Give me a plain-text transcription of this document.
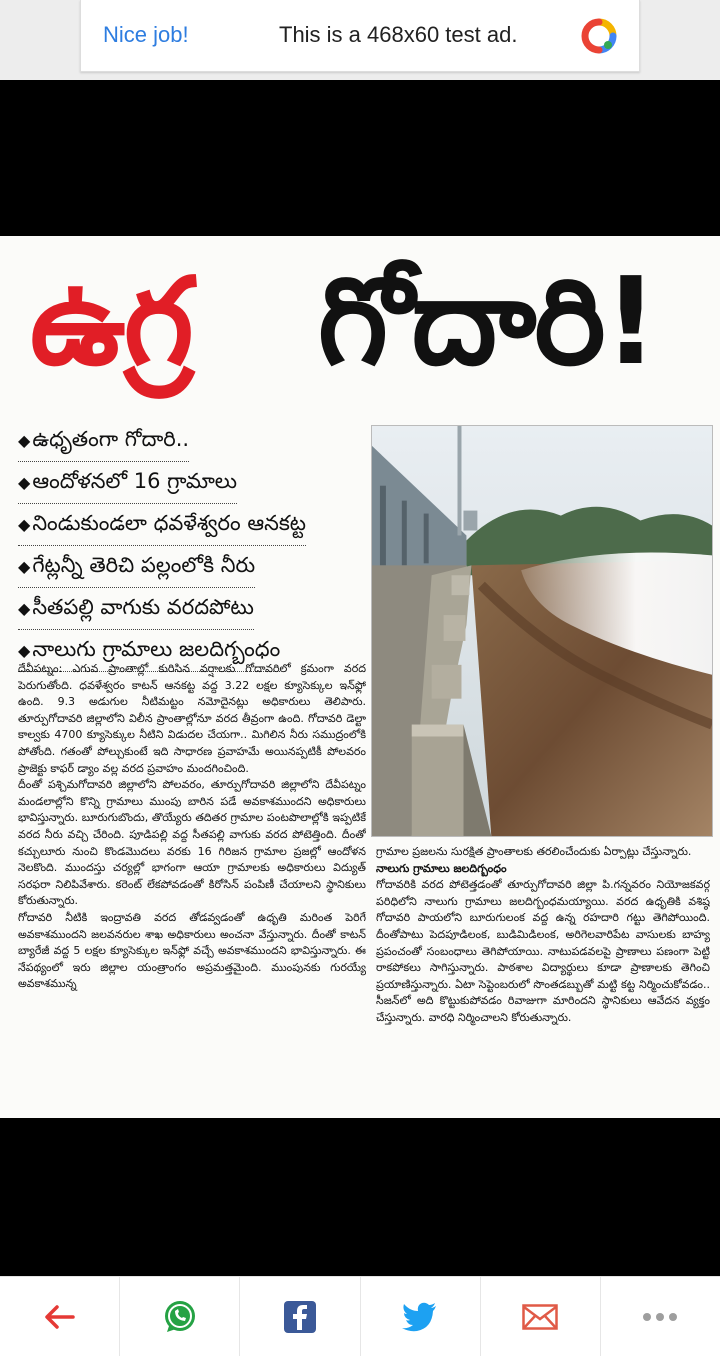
Nice job!	This is a 468x60 test ad.
ఉగ్ర గోదారి!
◆ఉధృతంగా గోదారి..
◆ఆందోళనలో 16 గ్రామాలు
◆నిండుకుండలా ధవళేశ్వరం ఆనకట్ట
◆గేట్లన్నీ తెరిచి పల్లంలోకి నీరు
◆సీతపల్లి వాగుకు వరదపోటు
◆నాలుగు గ్రామాలు జలదిగ్బంధం

దేవీపట్నం: ఎగువ ప్రాంతాల్లో కురిసిన వర్షాలకు గోదావరిలో క్రమంగా వరద పెరుగుతోంది. ధవళేశ్వరం కాటన్ ఆనకట్ట వద్ద 3.22 లక్షల క్యూసెక్కుల ఇన్‌ఫ్లో ఉంది. 9.3 అడుగుల నీటిమట్టం నమోదైనట్లు అధికారులు తెలిపారు. తూర్పుగోదావరి జిల్లాలోని విలీన ప్రాంతాల్లోనూ వరద తీవ్రంగా ఉంది. గోదావరి డెల్టా కాల్వకు 4700 క్యూసెక్కుల నీటిని విడుదల చేయగా.. మిగిలిన నీరు సముద్రంలోకి పోతోంది. గతంతో పోల్చుకుంటే ఇది సాధారణ ప్రవాహమే అయినప్పటికీ పోలవరం ప్రాజెక్టు కాఫర్ డ్యాం వల్ల వరద ప్రవాహం మందగించింది.

దీంతో పశ్చిమగోదావరి జిల్లాలోని పోలవరం, తూర్పుగోదావరి జిల్లాలోని దేవీపట్నం మండలాల్లోని కొన్ని గ్రామాలు ముంపు బారిన పడే అవకాశముందని అధికారులు భావిస్తున్నారు. బూరుగుబొందు, తొయ్యేరు తదితర గ్రామాల పంటపొలాల్లోకి ఇప్పటికే వరద నీరు వచ్చి చేరింది. పూడిపల్లి వద్ద సీతపల్లి వాగుకు వరద పోటెత్తింది. దీంతో కచ్చులూరు నుంచి కొండమొదలు వరకు 16 గిరిజన గ్రామాల ప్రజల్లో ఆందోళన నెలకొంది. ముందస్తు చర్యల్లో భాగంగా ఆయా గ్రామాలకు అధికారులు విద్యుత్ సరఫరా నిలిపివేశారు. కరెంట్ లేకపోవడంతో కిరోసిన్ పంపిణీ చేయాలని స్థానికులు కోరుతున్నారు.

గోదావరి నీటికి ఇంద్రావతి వరద తోడవ్వడంతో ఉధృతి మరింత పెరిగే అవకాశముందని జలవనరుల శాఖ అధికారులు అంచనా వేస్తున్నారు. దీంతో కాటన్ బ్యారేజీ వద్ద 5 లక్షల క్యూసెక్కుల ఇన్‌ఫ్లో వచ్చే అవకాశముందని భావిస్తున్నారు. ఈ నేపథ్యంలో ఇరు జిల్లాల యంత్రాంగం అప్రమత్తమైంది. ముంపునకు గురయ్యే అవకాశమున్న

గ్రామాల ప్రజలను సురక్షిత ప్రాంతాలకు తరలించేందుకు ఏర్పాట్లు చేస్తున్నారు.

నాలుగు గ్రామాలు జలదిగ్బంధం

గోదావరికి వరద పోటెత్తడంతో తూర్పుగోదావరి జిల్లా పి.గన్నవరం నియోజకవర్గ పరిధిలోని నాలుగు గ్రామాలు జలదిగ్బంధమయ్యాయి. వరద ఉధృతికి వశిష్ఠ గోదావరి పాయలోని బూరుగులంక వద్ద ఉన్న రహదారి గట్టు తెగిపోయింది. దీంతోపాటు పెదపూడిలంక, బుడిమిడిలంక, అరిగెలవారిపేట వాసులకు బాహ్య ప్రపంచంతో సంబంధాలు తెగిపోయాయి. నాటుపడవలపై ప్రాణాలు పణంగా పెట్టి రాకపోకలు సాగిస్తున్నారు. పాఠశాల విద్యార్థులు కూడా ప్రాణాలకు తెగించి ప్రయాణిస్తున్నారు. ఏటా సెప్టెంబరులో సొంతడబ్బుతో మట్టి కట్ట నిర్మించుకోవడం.. సీజన్‌లో అది కొట్టుకుపోవడం రివాజుగా మారిందని స్థానికులు ఆవేదన వ్యక్తం చేస్తున్నారు. వారధి నిర్మించాలని కోరుతున్నారు.
